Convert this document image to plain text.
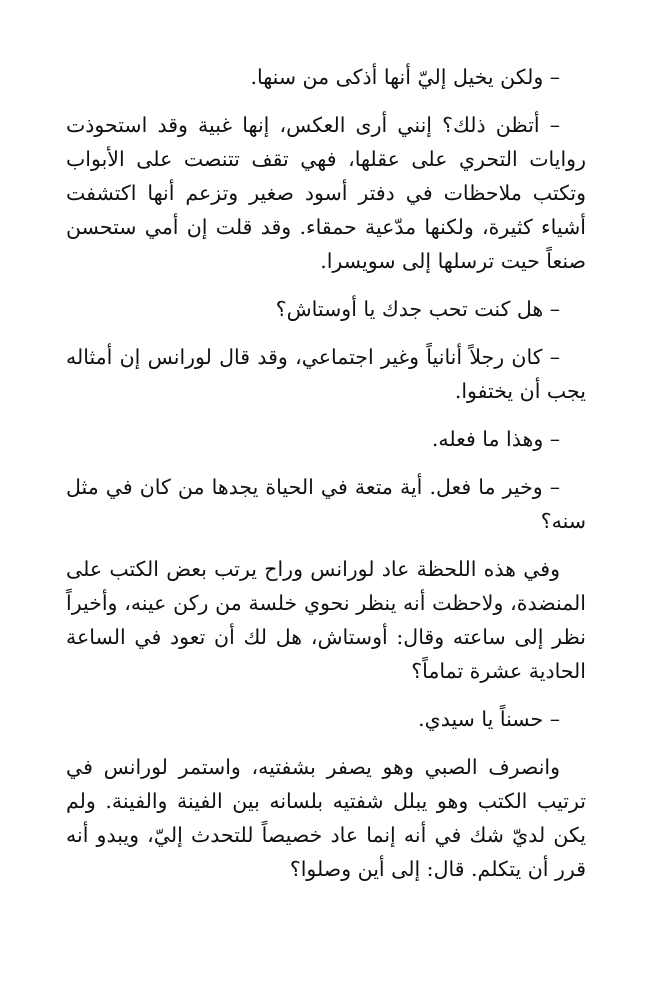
– ولكن يخيل إليّ أنها أذكى من سنها.

– أتظن ذلك؟ إنني أرى العكس، إنها غبية وقد استحوذت روايات التحري على عقلها، فهي تقف تتنصت على الأبواب وتكتب ملاحظات في دفتر أسود صغير وتزعم أنها اكتشفت أشياء كثيرة، ولكنها مدّعية حمقاء. وقد قلت إن أمي ستحسن صنعاً حيت ترسلها إلى سويسرا.

– هل كنت تحب جدك يا أوستاش؟

– كان رجلاً أنانياً وغير اجتماعي، وقد قال لورانس إن أمثاله يجب أن يختفوا.

– وهذا ما فعله.

– وخير ما فعل. أية متعة في الحياة يجدها من كان في مثل سنه؟

وفي هذه اللحظة عاد لورانس وراح يرتب بعض الكتب على المنضدة، ولاحظت أنه ينظر نحوي خلسة من ركن عينه، وأخيراً نظر إلى ساعته وقال: أوستاش، هل لك أن تعود في الساعة الحادية عشرة تماماً؟

– حسناً يا سيدي.

وانصرف الصبي وهو يصفر بشفتيه، واستمر لورانس في ترتيب الكتب وهو يبلل شفتيه بلسانه بين الفينة والفينة. ولم يكن لديّ شك في أنه إنما عاد خصيصاً للتحدث إليّ، ويبدو أنه قرر أن يتكلم. قال: إلى أين وصلوا؟
